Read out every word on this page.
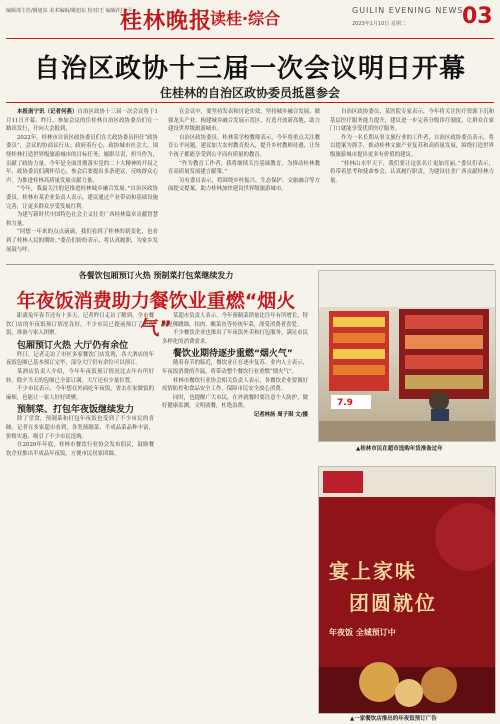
编辑部主任/姚旭东 美术编辑/姚旭东 校对/王 编辑/付金平
桂林晚报
读桂·综合	GUILIN EVENING NEWS
2023年1月10日 星期二	03
自治区政协十三届一次会议明日开幕
住桂林的自治区政协委员抵邕参会

本报南宁讯（记者何燕）自治区政协十三届一次会议将于1月11日开幕。昨日，参加会议的住桂林自治区政协委员们在一路出发行，开向大会报到。

2022年，桂林市自治区政协委员们在大政协委员担任“政协委员”，会议的协商议行从；政府着行心，政协城市社会大，围绕桂林打造世界级旅游城市的目标任务，履职尽责，担当作为，贡献了政协力量。今年是全面贯彻落实党的二十大精神的开局之年，政协委员们满怀信心，参会后要提出多条建议，反映群众心声，为推进桂林高质量发展贡献力量。

“今年，我最关注的是推进桂林城乡融合发展。”自治区政协委员、桂林市某企业负责人表示，建议通过产业带动和基础设施完善，让更多群众享受发展红利。

为建写新时代中国特色社会主义壮美广西桂林篇章贡献智慧和力量。

“回想一年来的点点滴滴，我们看到了桂林的新变化，也看到了桂林人民的期盼。”委员们纷纷表示，将认真履职，为家乡发展鼓与呼。

在会议中，要坚持发表和讨论实效，坚持城乡融合发展、做强龙头产业，构建城乡融合发展示范区，打造开放新高地，助力建设世界级旅游城市。

自治区政协委员、桂林某学校教师表示，今年将重点关注教育公平问题。建议加大农村教育投入，提升乡村教师待遇，让每个孩子都能享受到公平而有质量的教育。

“作为教育工作者，我将继续关注基础教育，为推动桂林教育高质量发展建言献策。”

另有委员表示，将围绕乡村振兴、生态保护、文旅融合等方面提交提案，助力桂林加快建设世界级旅游城市。

自治区政协委员、某医院专家表示，今年将关注医疗资源下沉和基层医疗服务能力提升，建议进一步完善分级诊疗制度，让群众在家门口就能享受优质医疗服务。

作为一名长期从事文旅行业的工作者，自治区政协委员表示，将以提案为抓手，推动桂林文旅产业复苏和高质量发展，围绕打造世界级旅游城市提出更多有价值的建议。

“桂林山水甲天下，我们要让这张名片更加亮丽。”委员们表示，将带着思考和使命参会，认真履行职责，为建设壮美广西贡献桂林力量。

各餐饮包厢预订火热 预制菜打包菜继续发力
年夜饭消费助力餐饮业重燃“烟火气”

距离兔年春节还有十多天，记者昨日走访了解到，全市餐饮门店的年夜饭预订情况良好，不少市民已提前预订了年夜饭，准备与家人团聚。

包厢预订火热 大厅仍有余位

昨日，记者走访了市区多家餐饮门店发现，各大酒店的年夜饭包厢已基本预订完毕，部分大厅仍有余位可以预订。

某酒店负责人介绍，今年年夜饭预订情况比去年有所好转，除夕当天的包厢已全部订满，大厅还有少量位置。

不少市民表示，今年想在外面吃年夜饭，省去在家做饭的麻烦，也能让一家人好好团聚。

预制菜、打包年夜饭继续发力

除了堂食，预制菜和打包年夜饭也受到了不少市民的青睐。记者在多家超市看到，各类预制菜、半成品菜品种丰富，价格实惠，吸引了不少市民选购。

在2020年年底，桂林市餐饮行业协会发布倡议，鼓励餐饮企业推出半成品年夜饭，方便市民居家团圆。

某超市负责人表示，今年预制菜销量比往年有所增长，特别是佛跳墙、扣肉、酸菜鱼等传统年菜，深受消费者喜爱。

不少餐饮企业也推出了年夜饭外卖和打包服务，满足市民多样化的消费需求。

餐饮业期待逐步重燃“烟火气”

随着春节的临近，餐饮业正在逐步复苏。业内人士表示，年夜饭消费的升温，将带动整个餐饮行业重燃“烟火气”。

桂林市餐饮行业协会相关负责人表示，各餐饮企业要做好疫情防控和食品安全工作，保障市民安全放心消费。

同时，也提醒广大市民，在外就餐时要注意个人防护，做好健康监测，文明就餐，杜绝浪费。

记者林扬 周子琪 文/摄

7.9
▲桂林市民在超市选购年货准备过年
宴上家味
团圆就位
年夜饭 全城预订中
▲一家餐饮店推出的年夜饭预订广告
